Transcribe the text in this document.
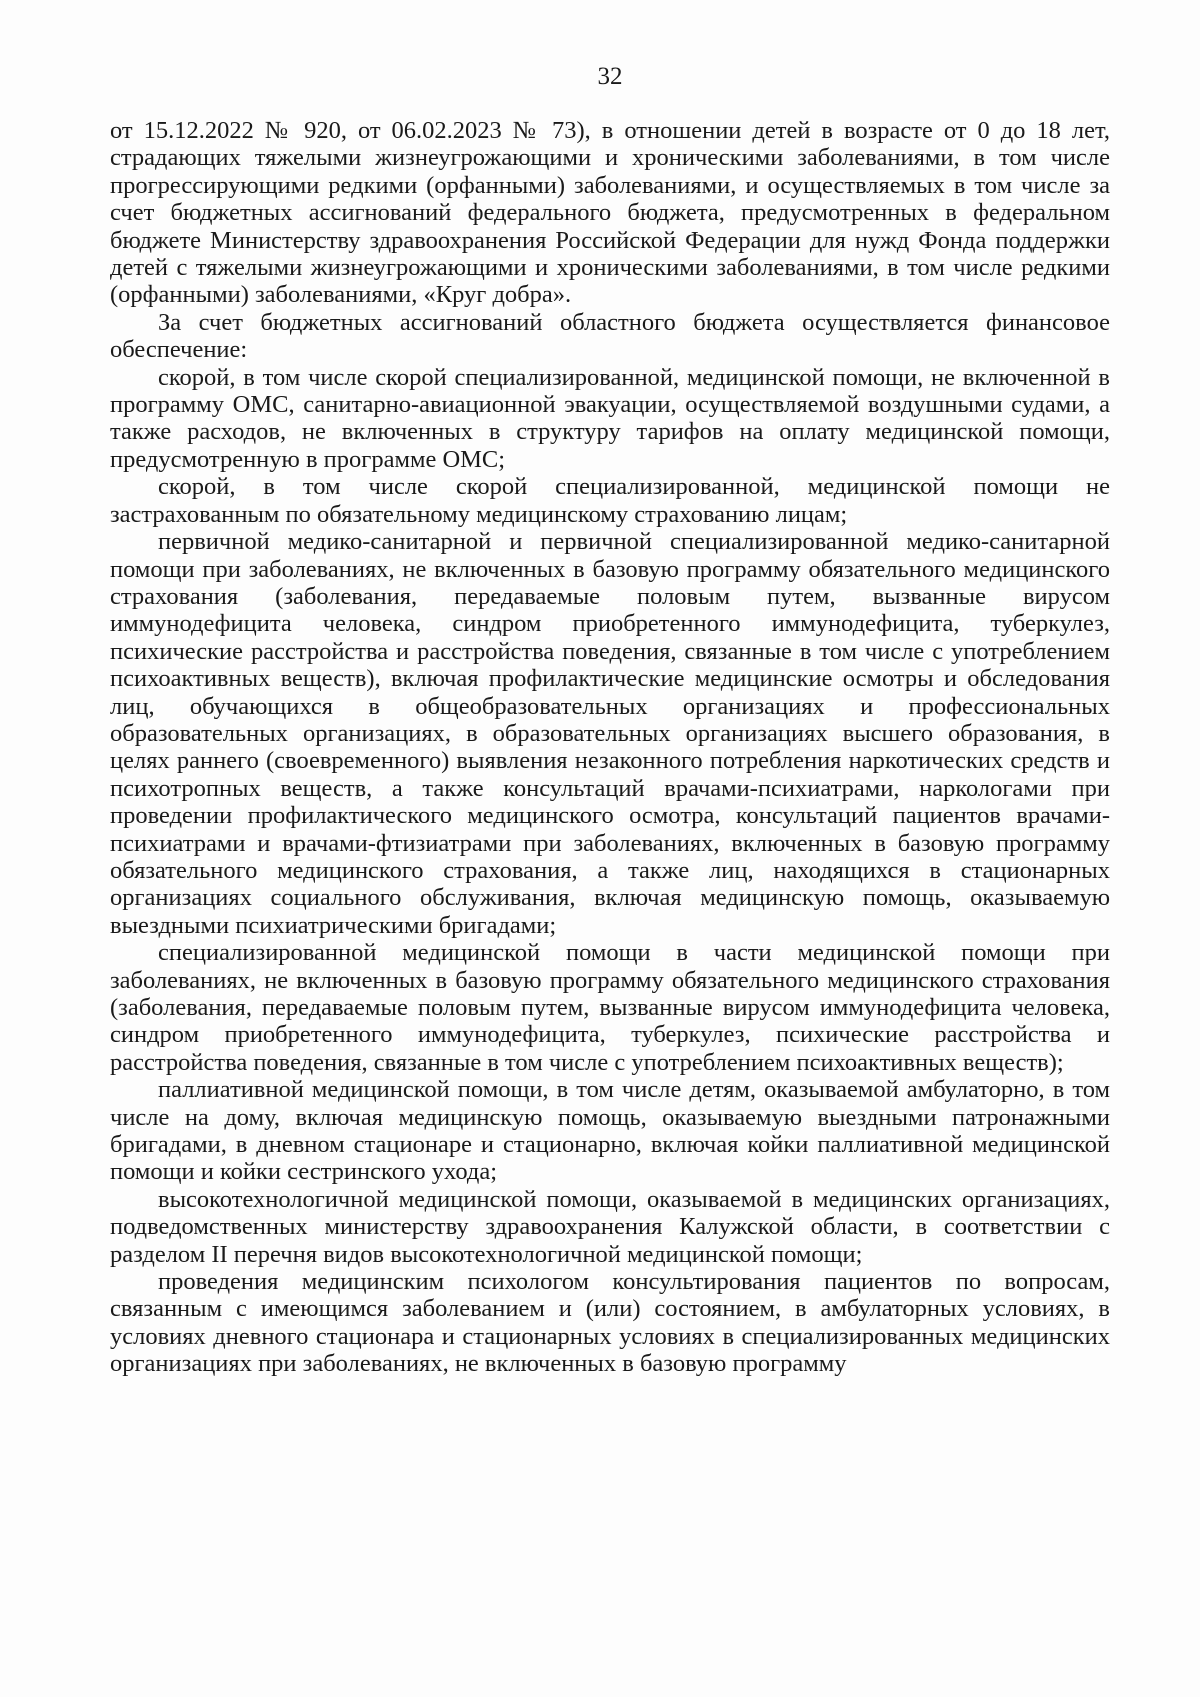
32

от 15.12.2022 № 920, от 06.02.2023 № 73), в отношении детей в возрасте от 0 до 18 лет, страдающих тяжелыми жизнеугрожающими и хроническими заболеваниями, в том числе прогрессирующими редкими (орфанными) заболеваниями, и осуществляемых в том числе за счет бюджетных ассигнований федерального бюджета, предусмотренных в федеральном бюджете Министерству здравоохранения Российской Федерации для нужд Фонда поддержки детей с тяжелыми жизнеугрожающими и хроническими заболеваниями, в том числе редкими (орфанными) заболеваниями, «Круг добра».

За счет бюджетных ассигнований областного бюджета осуществляется финансовое обеспечение:

скорой, в том числе скорой специализированной, медицинской помощи, не включенной в программу ОМС, санитарно-авиационной эвакуации, осуществляемой воздушными судами, а также расходов, не включенных в структуру тарифов на оплату медицинской помощи, предусмотренную в программе ОМС;

скорой, в том числе скорой специализированной, медицинской помощи не застрахованным по обязательному медицинскому страхованию лицам;

первичной медико-санитарной и первичной специализированной медико-санитарной помощи при заболеваниях, не включенных в базовую программу обязательного медицинского страхования (заболевания, передаваемые половым путем, вызванные вирусом иммунодефицита человека, синдром приобретенного иммунодефицита, туберкулез, психические расстройства и расстройства поведения, связанные в том числе с употреблением психоактивных веществ), включая профилактические медицинские осмотры и обследования лиц, обучающихся в общеобразовательных организациях и профессиональных образовательных организациях, в образовательных организациях высшего образования, в целях раннего (своевременного) выявления незаконного потребления наркотических средств и психотропных веществ, а также консультаций врачами-психиатрами, наркологами при проведении профилактического медицинского осмотра, консультаций пациентов врачами-психиатрами и врачами-фтизиатрами при заболеваниях, включенных в базовую программу обязательного медицинского страхования, а также лиц, находящихся в стационарных организациях социального обслуживания, включая медицинскую помощь, оказываемую выездными психиатрическими бригадами;

специализированной медицинской помощи в части медицинской помощи при заболеваниях, не включенных в базовую программу обязательного медицинского страхования (заболевания, передаваемые половым путем, вызванные вирусом иммунодефицита человека, синдром приобретенного иммунодефицита, туберкулез, психические расстройства и расстройства поведения, связанные в том числе с употреблением психоактивных веществ);

паллиативной медицинской помощи, в том числе детям, оказываемой амбулаторно, в том числе на дому, включая медицинскую помощь, оказываемую выездными патронажными бригадами, в дневном стационаре и стационарно, включая койки паллиативной медицинской помощи и койки сестринского ухода;

высокотехнологичной медицинской помощи, оказываемой в медицинских организациях, подведомственных министерству здравоохранения Калужской области, в соответствии с разделом II перечня видов высокотехнологичной медицинской помощи;

проведения медицинским психологом консультирования пациентов по вопросам, связанным с имеющимся заболеванием и (или) состоянием, в амбулаторных условиях, в условиях дневного стационара и стационарных условиях в специализированных медицинских организациях при заболеваниях, не включенных в базовую программу
